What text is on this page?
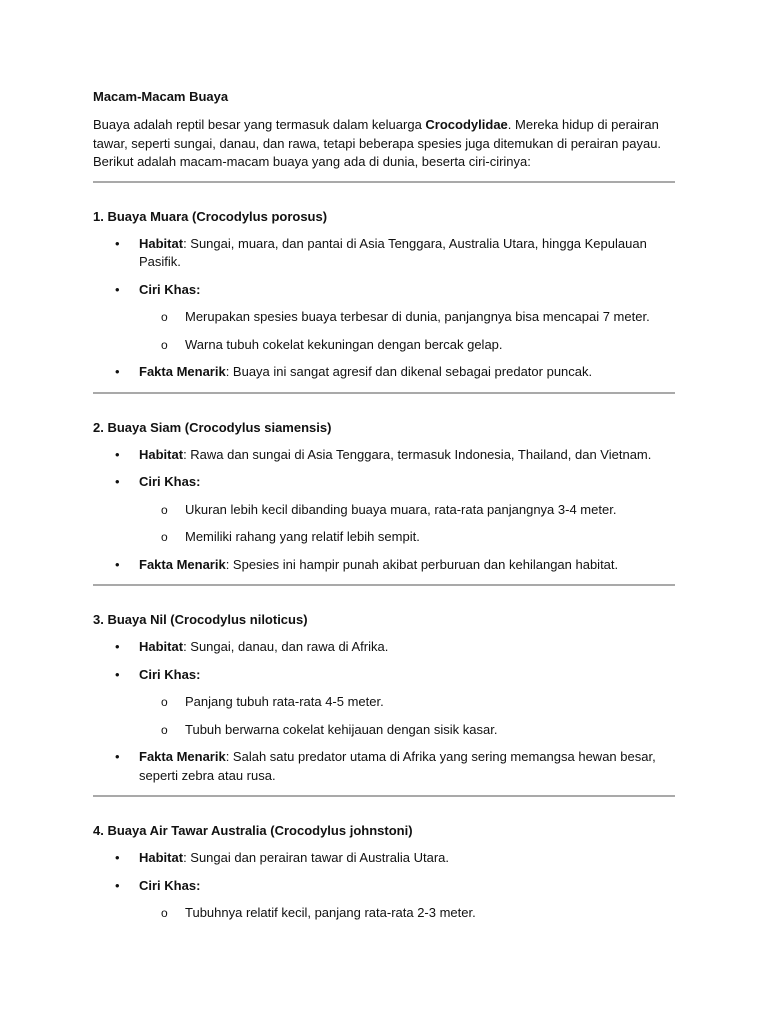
Macam-Macam Buaya

Buaya adalah reptil besar yang termasuk dalam keluarga Crocodylidae. Mereka hidup di perairan tawar, seperti sungai, danau, dan rawa, tetapi beberapa spesies juga ditemukan di perairan payau. Berikut adalah macam-macam buaya yang ada di dunia, beserta ciri-cirinya:

1. Buaya Muara (Crocodylus porosus)

• Habitat: Sungai, muara, dan pantai di Asia Tenggara, Australia Utara, hingga Kepulauan Pasifik.
• Ciri Khas:
o Merupakan spesies buaya terbesar di dunia, panjangnya bisa mencapai 7 meter.
o Warna tubuh cokelat kekuningan dengan bercak gelap.
• Fakta Menarik: Buaya ini sangat agresif dan dikenal sebagai predator puncak.

2. Buaya Siam (Crocodylus siamensis)

• Habitat: Rawa dan sungai di Asia Tenggara, termasuk Indonesia, Thailand, dan Vietnam.
• Ciri Khas:
o Ukuran lebih kecil dibanding buaya muara, rata-rata panjangnya 3-4 meter.
o Memiliki rahang yang relatif lebih sempit.
• Fakta Menarik: Spesies ini hampir punah akibat perburuan dan kehilangan habitat.

3. Buaya Nil (Crocodylus niloticus)

• Habitat: Sungai, danau, dan rawa di Afrika.
• Ciri Khas:
o Panjang tubuh rata-rata 4-5 meter.
o Tubuh berwarna cokelat kehijauan dengan sisik kasar.
• Fakta Menarik: Salah satu predator utama di Afrika yang sering memangsa hewan besar, seperti zebra atau rusa.

4. Buaya Air Tawar Australia (Crocodylus johnstoni)

• Habitat: Sungai dan perairan tawar di Australia Utara.
• Ciri Khas:
o Tubuhnya relatif kecil, panjang rata-rata 2-3 meter.
